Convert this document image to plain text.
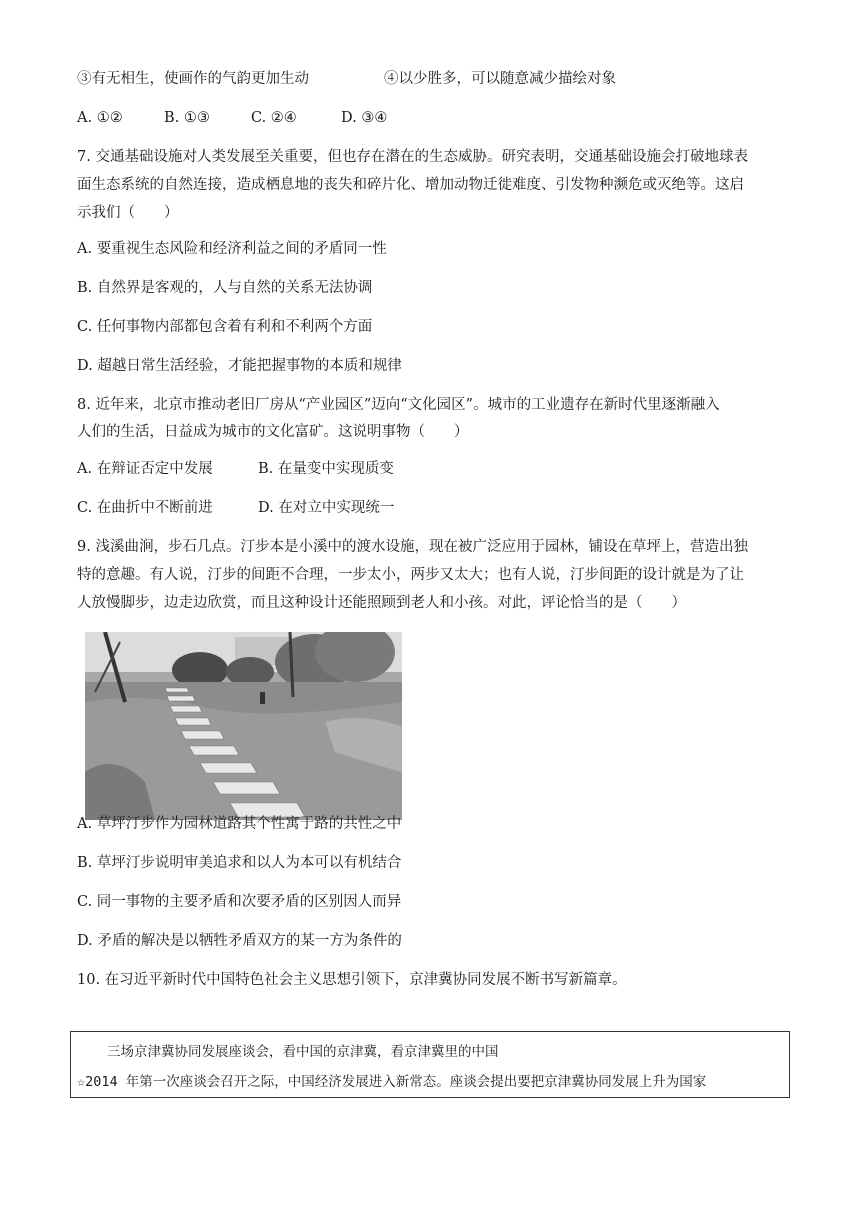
③有无相生，使画作的气韵更加生动	④以少胜多，可以随意减少描绘对象
A. ①②	B. ①③	C. ②④	D. ③④
7. 交通基础设施对人类发展至关重要，但也存在潜在的生态威胁。研究表明，交通基础设施会打破地球表
面生态系统的自然连接，造成栖息地的丧失和碎片化、增加动物迁徙难度、引发物种濒危或灭绝等。这启
示我们（　　）
A. 要重视生态风险和经济利益之间的矛盾同一性
B. 自然界是客观的，人与自然的关系无法协调
C. 任何事物内部都包含着有利和不利两个方面
D. 超越日常生活经验，才能把握事物的本质和规律
8. 近年来，北京市推动老旧厂房从“产业园区”迈向“文化园区”。城市的工业遗存在新时代里逐渐融入
人们的生活，日益成为城市的文化富矿。这说明事物（　　）
A. 在辩证否定中发展	B. 在量变中实现质变
C. 在曲折中不断前进	D. 在对立中实现统一
9. 浅溪曲涧，步石几点。汀步本是小溪中的渡水设施，现在被广泛应用于园林，铺设在草坪上，营造出独
特的意趣。有人说，汀步的间距不合理，一步太小，两步又太大；也有人说，汀步间距的设计就是为了让
人放慢脚步，边走边欣赏，而且这种设计还能照顾到老人和小孩。对此，评论恰当的是（　　）
A. 草坪汀步作为园林道路其个性寓于路的共性之中
B. 草坪汀步说明审美追求和以人为本可以有机结合
C. 同一事物的主要矛盾和次要矛盾的区别因人而异
D. 矛盾的解决是以牺牲矛盾双方的某一方为条件的
10. 在习近平新时代中国特色社会主义思想引领下，京津冀协同发展不断书写新篇章。
三场京津冀协同发展座谈会，看中国的京津冀，看京津冀里的中国
☆2014 年第一次座谈会召开之际，中国经济发展进入新常态。座谈会提出要把京津冀协同发展上升为国家
